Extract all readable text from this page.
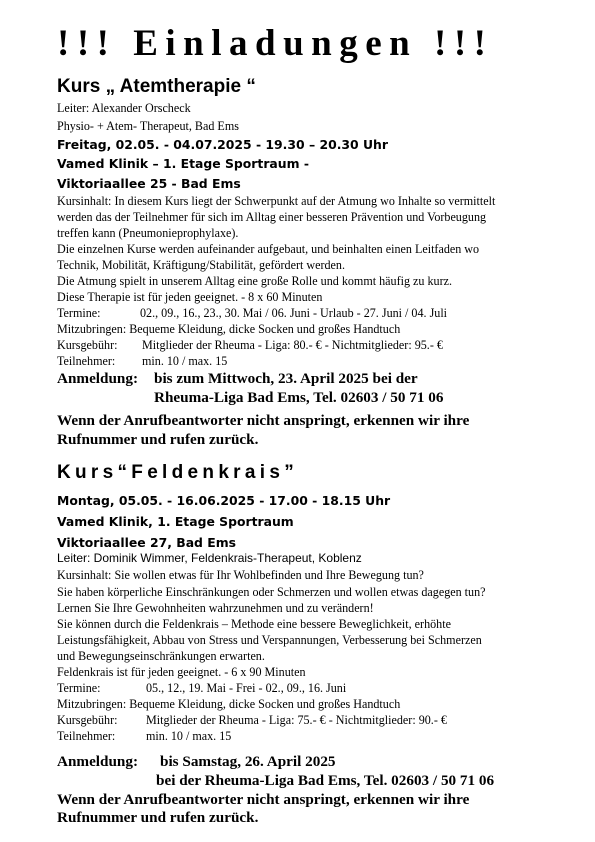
!!! Einladungen !!!
Kurs „ Atemtherapie “
Leiter: Alexander Orscheck
Physio- + Atem- Therapeut, Bad Ems
Freitag, 02.05. - 04.07.2025 - 19.30 – 20.30 Uhr
Vamed Klinik – 1. Etage Sportraum -
Viktoriaallee 25 - Bad Ems
Kursinhalt: In diesem Kurs liegt der Schwerpunkt auf der Atmung wo Inhalte so vermittelt
werden das der Teilnehmer für sich im Alltag einer besseren Prävention und Vorbeugung
treffen kann (Pneumonieprophylaxe).
Die einzelnen Kurse werden aufeinander aufgebaut, und beinhalten einen Leitfaden wo
Technik, Mobilität, Kräftigung/Stabilität, gefördert werden.
Die Atmung spielt in unserem Alltag eine große Rolle und kommt häufig zu kurz.
Diese Therapie ist für jeden geeignet. - 8 x 60 Minuten
Termine:	02., 09., 16., 23., 30. Mai / 06. Juni - Urlaub - 27. Juni / 04. Juli
Mitzubringen: Bequeme Kleidung, dicke Socken und großes Handtuch
Kursgebühr: Mitglieder der Rheuma - Liga: 80.- € - Nichtmitglieder: 95.- €
Teilnehmer: min. 10 / max. 15
Anmeldung: bis zum Mittwoch, 23. April 2025 bei der
Rheuma-Liga Bad Ems, Tel. 02603 / 50 71 06
Wenn der Anrufbeantworter nicht anspringt, erkennen wir ihre
Rufnummer und rufen zurück.
Kurs“Feldenkrais”
Montag, 05.05. - 16.06.2025 - 17.00 - 18.15 Uhr
Vamed Klinik, 1. Etage Sportraum
Viktoriaallee 27, Bad Ems
Leiter: Dominik Wimmer, Feldenkrais-Therapeut, Koblenz
Kursinhalt: Sie wollen etwas für Ihr Wohlbefinden und Ihre Bewegung tun?
Sie haben körperliche Einschränkungen oder Schmerzen und wollen etwas dagegen tun?
Lernen Sie Ihre Gewohnheiten wahrzunehmen und zu verändern!
Sie können durch die Feldenkrais – Methode eine bessere Beweglichkeit, erhöhte
Leistungsfähigkeit, Abbau von Stress und Verspannungen, Verbesserung bei Schmerzen
und Bewegungseinschränkungen erwarten.
Feldenkrais ist für jeden geeignet. - 6 x 90 Minuten
Termine:	05., 12., 19. Mai - Frei - 02., 09., 16. Juni
Mitzubringen: Bequeme Kleidung, dicke Socken und großes Handtuch
Kursgebühr: Mitglieder der Rheuma - Liga: 75.- € - Nichtmitglieder: 90.- €
Teilnehmer:	min. 10 / max. 15
Anmeldung: bis Samstag, 26. April 2025
bei der Rheuma-Liga Bad Ems, Tel. 02603 / 50 71 06
Wenn der Anrufbeantworter nicht anspringt, erkennen wir ihre
Rufnummer und rufen zurück.
